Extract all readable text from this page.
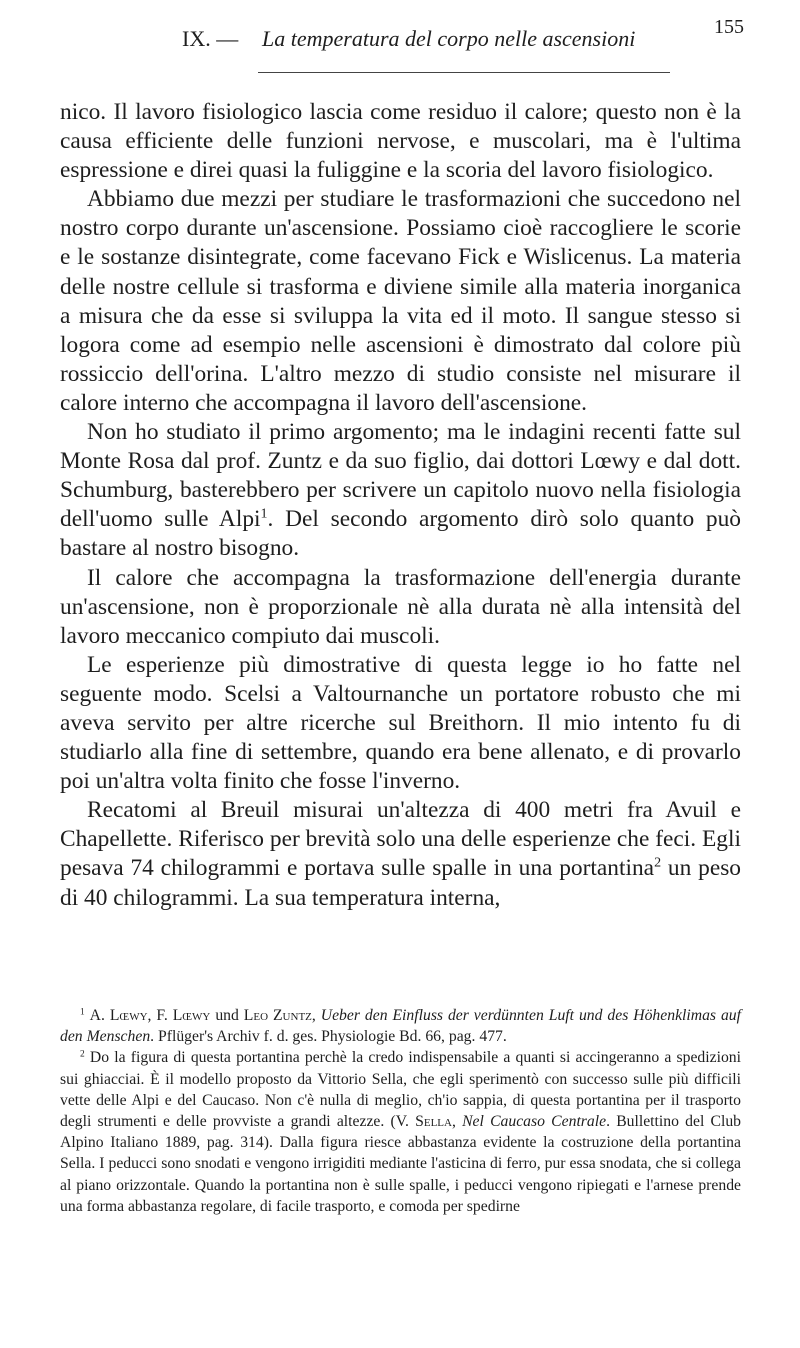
IX. — La temperatura del corpo nelle ascensioni	155

nico. Il lavoro fisiologico lascia come residuo il calore; questo non è la causa efficiente delle funzioni nervose, e muscolari, ma è l'ultima espressione e direi quasi la fuliggine e la scoria del lavoro fisiologico.

Abbiamo due mezzi per studiare le trasformazioni che succedono nel nostro corpo durante un'ascensione. Possiamo cioè raccogliere le scorie e le sostanze disintegrate, come facevano Fick e Wislicenus. La materia delle nostre cellule si trasforma e diviene simile alla materia inorganica a misura che da esse si sviluppa la vita ed il moto. Il sangue stesso si logora come ad esempio nelle ascensioni è dimostrato dal colore più rossiccio dell'orina. L'altro mezzo di studio consiste nel misurare il calore interno che accompagna il lavoro dell'ascensione.

Non ho studiato il primo argomento; ma le indagini recenti fatte sul Monte Rosa dal prof. Zuntz e da suo figlio, dai dottori Lœwy e dal dott. Schumburg, basterebbero per scrivere un capitolo nuovo nella fisiologia dell'uomo sulle Alpi$^1$. Del secondo argomento dirò solo quanto può bastare al nostro bisogno.

Il calore che accompagna la trasformazione dell'energia durante un'ascensione, non è proporzionale nè alla durata nè alla intensità del lavoro meccanico compiuto dai muscoli.

Le esperienze più dimostrative di questa legge io ho fatte nel seguente modo. Scelsi a Valtournanche un portatore robusto che mi aveva servito per altre ricerche sul Breithorn. Il mio intento fu di studiarlo alla fine di settembre, quando era bene allenato, e di provarlo poi un'altra volta finito che fosse l'inverno.

Recatomi al Breuil misurai un'altezza di 400 metri fra Avuil e Chapellette. Riferisco per brevità solo una delle esperienze che feci. Egli pesava 74 chilogrammi e portava sulle spalle in una portantina$^2$ un peso di 40 chilogrammi. La sua temperatura interna,

$^1$ A. Lœwy, F. Lœwy und Leo Zuntz, Ueber den Einfluss der verdünnten Luft und des Höhenklimas auf den Menschen. Pflüger's Archiv f. d. ges. Physiologie Bd. 66, pag. 477.

$^2$ Do la figura di questa portantina perchè la credo indispensabile a quanti si accingeranno a spedizioni sui ghiacciai. È il modello proposto da Vittorio Sella, che egli sperimentò con successo sulle più difficili vette delle Alpi e del Caucaso. Non c'è nulla di meglio, ch'io sappia, di questa portantina per il trasporto degli strumenti e delle provviste a grandi altezze. (V. Sella, Nel Caucaso Centrale. Bullettino del Club Alpino Italiano 1889, pag. 314). Dalla figura riesce abbastanza evidente la costruzione della portantina Sella. I peducci sono snodati e vengono irrigiditi mediante l'asticina di ferro, pur essa snodata, che si collega al piano orizzontale. Quando la portantina non è sulle spalle, i peducci vengono ripiegati e l'arnese prende una forma abbastanza regolare, di facile trasporto, e comoda per spedirne
